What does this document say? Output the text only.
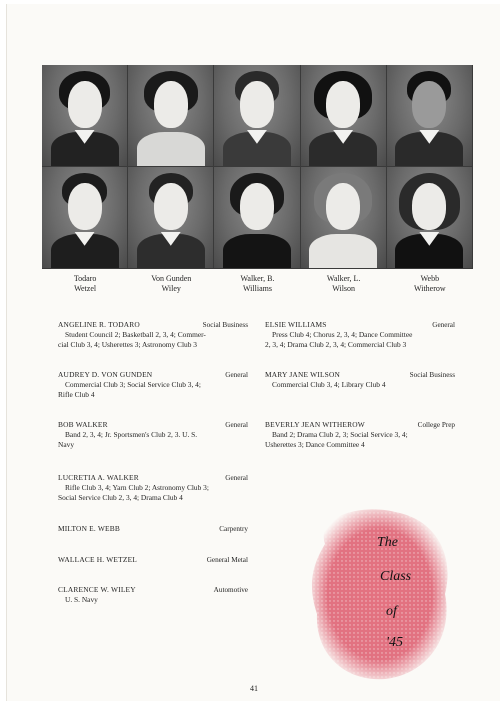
Todaro
Wetzel
Von Gunden
Wiley
Walker, B.
Williams
Walker, L.
Wilson
Webb
Witherow
ANGELINE R. TODARO	Social Business
Student Council 2; Basketball 2, 3, 4; Commer-
cial Club 3, 4; Usherettes 3; Astronomy Club 3
AUDREY D. VON GUNDEN	General
Commercial Club 3; Social Service Club 3, 4;
Rifle Club 4
BOB WALKER	General
Band 2, 3, 4; Jr. Sportsmen's Club 2, 3. U. S.
Navy
LUCRETIA A. WALKER	General
Rifle Club 3, 4; Yarn Club 2; Astronomy Club 3;
Social Service Club 2, 3, 4; Drama Club 4
MILTON E. WEBB	Carpentry
WALLACE H. WETZEL	General Metal
CLARENCE W. WILEY	Automotive
U. S. Navy
ELSIE WILLIAMS	General
Press Club 4; Chorus 2, 3, 4; Dance Committee
2, 3, 4; Drama Club 2, 3, 4; Commercial Club 3
MARY JANE WILSON	Social Business
Commercial Club 3, 4; Library Club 4
BEVERLY JEAN WITHEROW	College Prep
Band 2; Drama Club 2, 3; Social Service 3, 4;
Usherettes 3; Dance Committee 4
The
Class
of
'45
41
